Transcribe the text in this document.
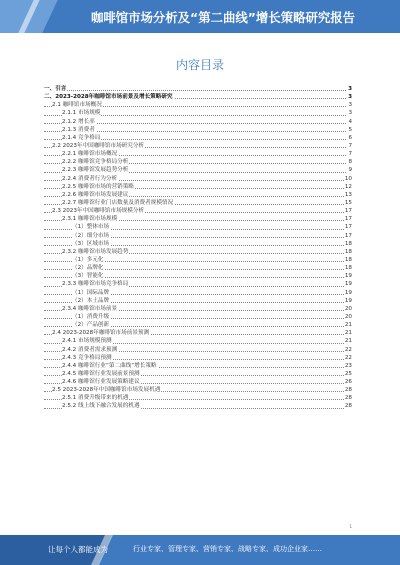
咖啡馆市场分析及“第二曲线”增长策略研究报告
内容目录
一、引言	3
二、2023-2028年咖啡馆市场前景及增长策略研究	3
2.1 咖啡馆市场概况	3
2.1.1 市场规模	3
2.1.2 增长率	4
2.1.3 消费者	5
2.1.4 竞争格局	6
2.2 2023年中国咖啡馆市场研究分析	7
2.2.1 咖啡馆市场概况	7
2.2.2 咖啡馆竞争格局分析	8
2.2.3 咖啡馆发展趋势分析	9
2.2.4 消费者行为分析	10
2.2.5 咖啡馆市场的营销策略	12
2.2.6 咖啡馆市场发展建议	13
2.2.7 咖啡馆行业门店数量及消费者规模情况	15
2.3 2023年中国咖啡馆市场规模分析	17
2.3.1 咖啡馆市场规模	17
（1）整体市场	17
（2）细分市场	17
（3）区域市场	18
2.3.2 咖啡馆市场发展趋势	18
（1）多元化	18
（2）品牌化	18
（3）智能化	19
2.3.3 咖啡馆市场竞争格局	19
（1）国际品牌	19
（2）本土品牌	19
2.3.4 咖啡馆市场前景	20
（1）消费升级	20
（2）产品创新	21
2.4 2023-2028年咖啡馆市场前景预测	21
2.4.1 市场规模预测	21
2.4.2 消费者需求预测	22
2.4.3 竞争格局预测	22
2.4.4 咖啡馆行业“第二曲线”增长策略	23
2.4.5 咖啡馆行业发展前景预测	25
2.4.6 咖啡馆行业发展策略建议	26
2.5 2023-2028年中国咖啡馆市场发展机遇	28
2.5.1 消费升级带来的机遇	28
2.5.2 线上线下融合发展的机遇	28
1
让每个人都能成为	行业专家、管理专家、营销专家、战略专家、成功企业家……
